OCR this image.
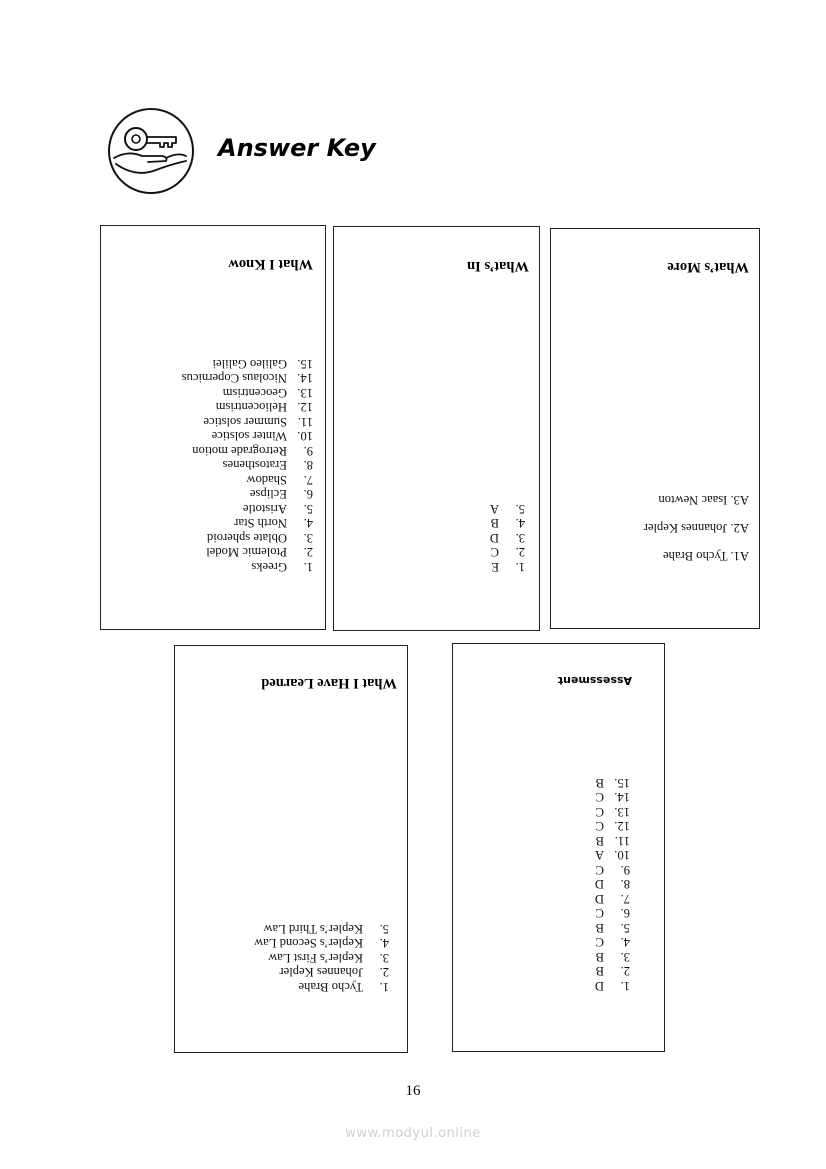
Answer Key
What I Know
1.Greeks
2.Ptolemic Model
3.Oblate spheroid
4.North Star
5.Aristotle
6.Eclipse
7.Shadow
8.Eratosthenes
9.Retrograde motion
10.Winter solstice
11.Summer solstice
12.Heliocentrism
13.Geocentrism
14.Nicolaus Copernicus
15.Galileo Galilei
What’s In
1.E
2.C
3.D
4.B
5.A
What’s More
A1. Tycho Brahe
A2. Johannes Kepler
A3. Isaac Newton
What I Have Learned
1.Tycho Brahe
2.Johannes Kepler
3.Kepler’s First Law
4.Kepler’s Second Law
5.Kepler’s Third Law
Assessment
1.D
2.B
3.B
4.C
5.B
6.C
7.D
8.D
9.C
10.A
11.B
12.C
13.C
14.C
15.B
16
www.modyul.online
